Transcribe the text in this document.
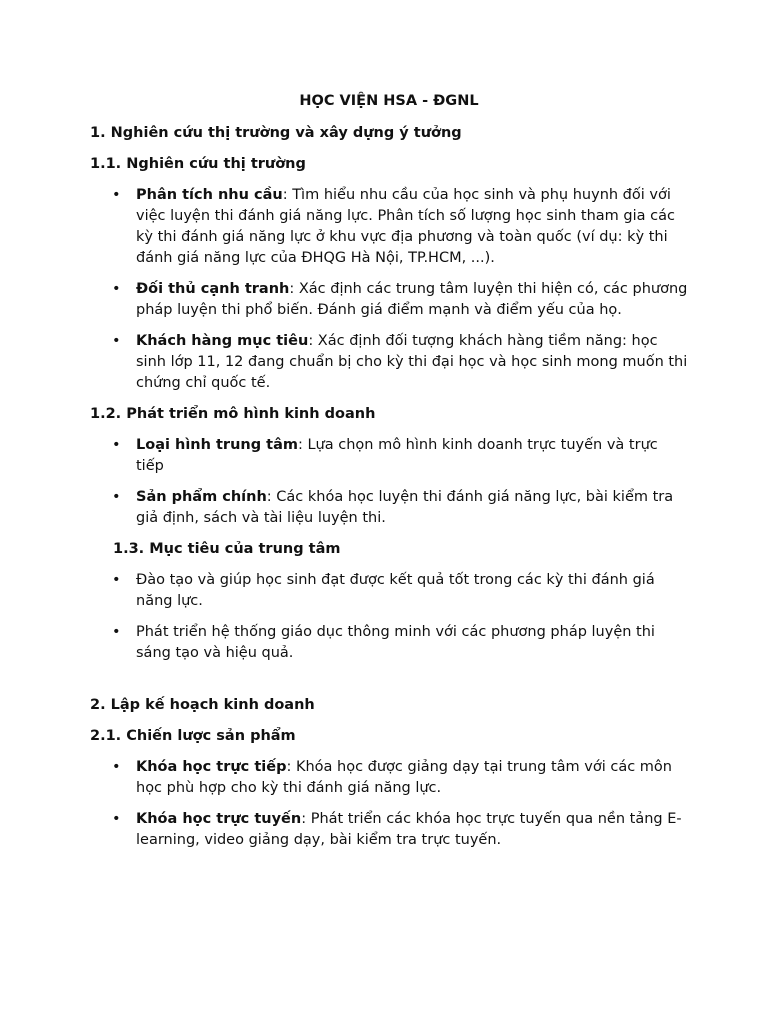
HỌC VIỆN HSA - ĐGNL
1. Nghiên cứu thị trường và xây dựng ý tưởng
1.1. Nghiên cứu thị trường
• Phân tích nhu cầu: Tìm hiểu nhu cầu của học sinh và phụ huynh đối với việc luyện thi đánh giá năng lực. Phân tích số lượng học sinh tham gia các kỳ thi đánh giá năng lực ở khu vực địa phương và toàn quốc (ví dụ: kỳ thi đánh giá năng lực của ĐHQG Hà Nội, TP.HCM, ...).
• Đối thủ cạnh tranh: Xác định các trung tâm luyện thi hiện có, các phương pháp luyện thi phổ biến. Đánh giá điểm mạnh và điểm yếu của họ.
• Khách hàng mục tiêu: Xác định đối tượng khách hàng tiềm năng: học sinh lớp 11, 12 đang chuẩn bị cho kỳ thi đại học và học sinh mong muốn thi chứng chỉ quốc tế.
1.2. Phát triển mô hình kinh doanh
• Loại hình trung tâm: Lựa chọn mô hình kinh doanh trực tuyến và trực tiếp
• Sản phẩm chính: Các khóa học luyện thi đánh giá năng lực, bài kiểm tra giả định, sách và tài liệu luyện thi.
1.3. Mục tiêu của trung tâm
• Đào tạo và giúp học sinh đạt được kết quả tốt trong các kỳ thi đánh giá năng lực.
• Phát triển hệ thống giáo dục thông minh với các phương pháp luyện thi sáng tạo và hiệu quả.
2. Lập kế hoạch kinh doanh
2.1. Chiến lược sản phẩm
• Khóa học trực tiếp: Khóa học được giảng dạy tại trung tâm với các môn học phù hợp cho kỳ thi đánh giá năng lực.
• Khóa học trực tuyến: Phát triển các khóa học trực tuyến qua nền tảng E-learning, video giảng dạy, bài kiểm tra trực tuyến.
